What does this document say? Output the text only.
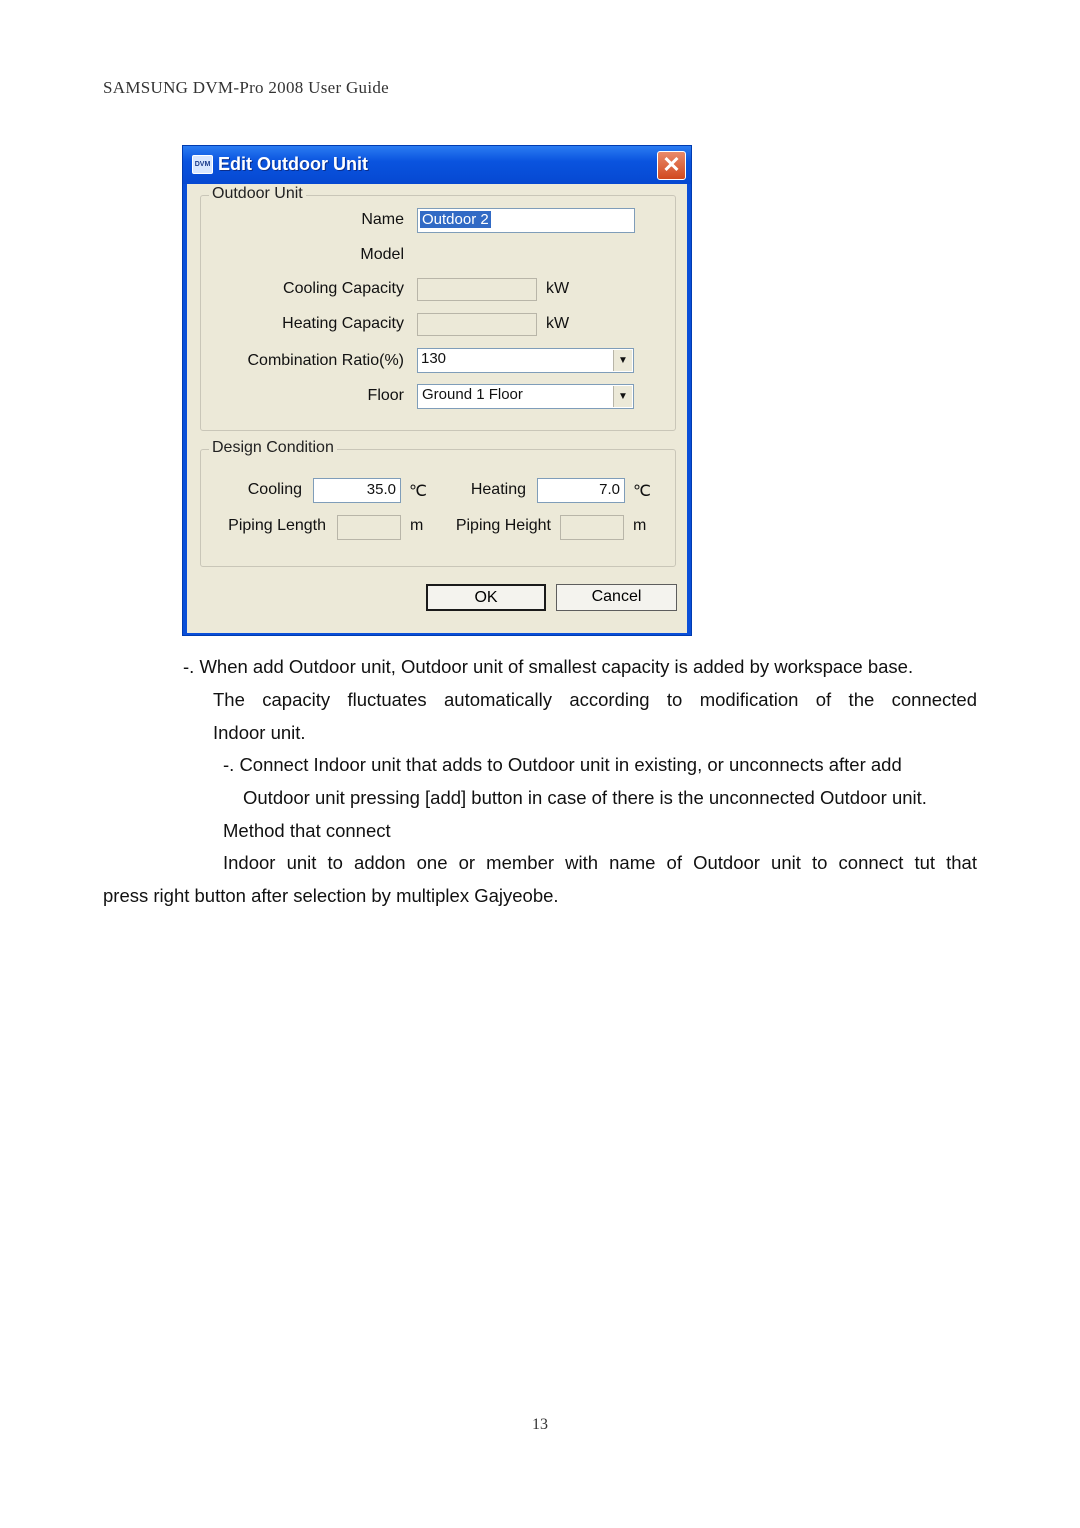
SAMSUNG DVM-Pro 2008 User Guide
DVM Edit Outdoor Unit	✕
Outdoor Unit
Name	Outdoor 2
Model
Cooling Capacity	kW
Heating Capacity	kW
Combination Ratio(%) 130	▼
Floor Ground 1 Floor	▼
Design Condition
Cooling	35.0 ℃	Heating	7.0 ℃
Piping Length	m	Piping Height	m
OK	Cancel
-. When add Outdoor unit, Outdoor unit of smallest capacity is added by workspace base.
The capacity fluctuates automatically according to modification of the connected
Indoor unit.
-. Connect Indoor unit that adds to Outdoor unit in existing, or unconnects after add
Outdoor unit pressing [add] button in case of there is the unconnected Outdoor unit.
Method that connect
Indoor unit to addon one or member with name of Outdoor unit to connect tut that
press right button after selection by multiplex Gajyeobe.
13
